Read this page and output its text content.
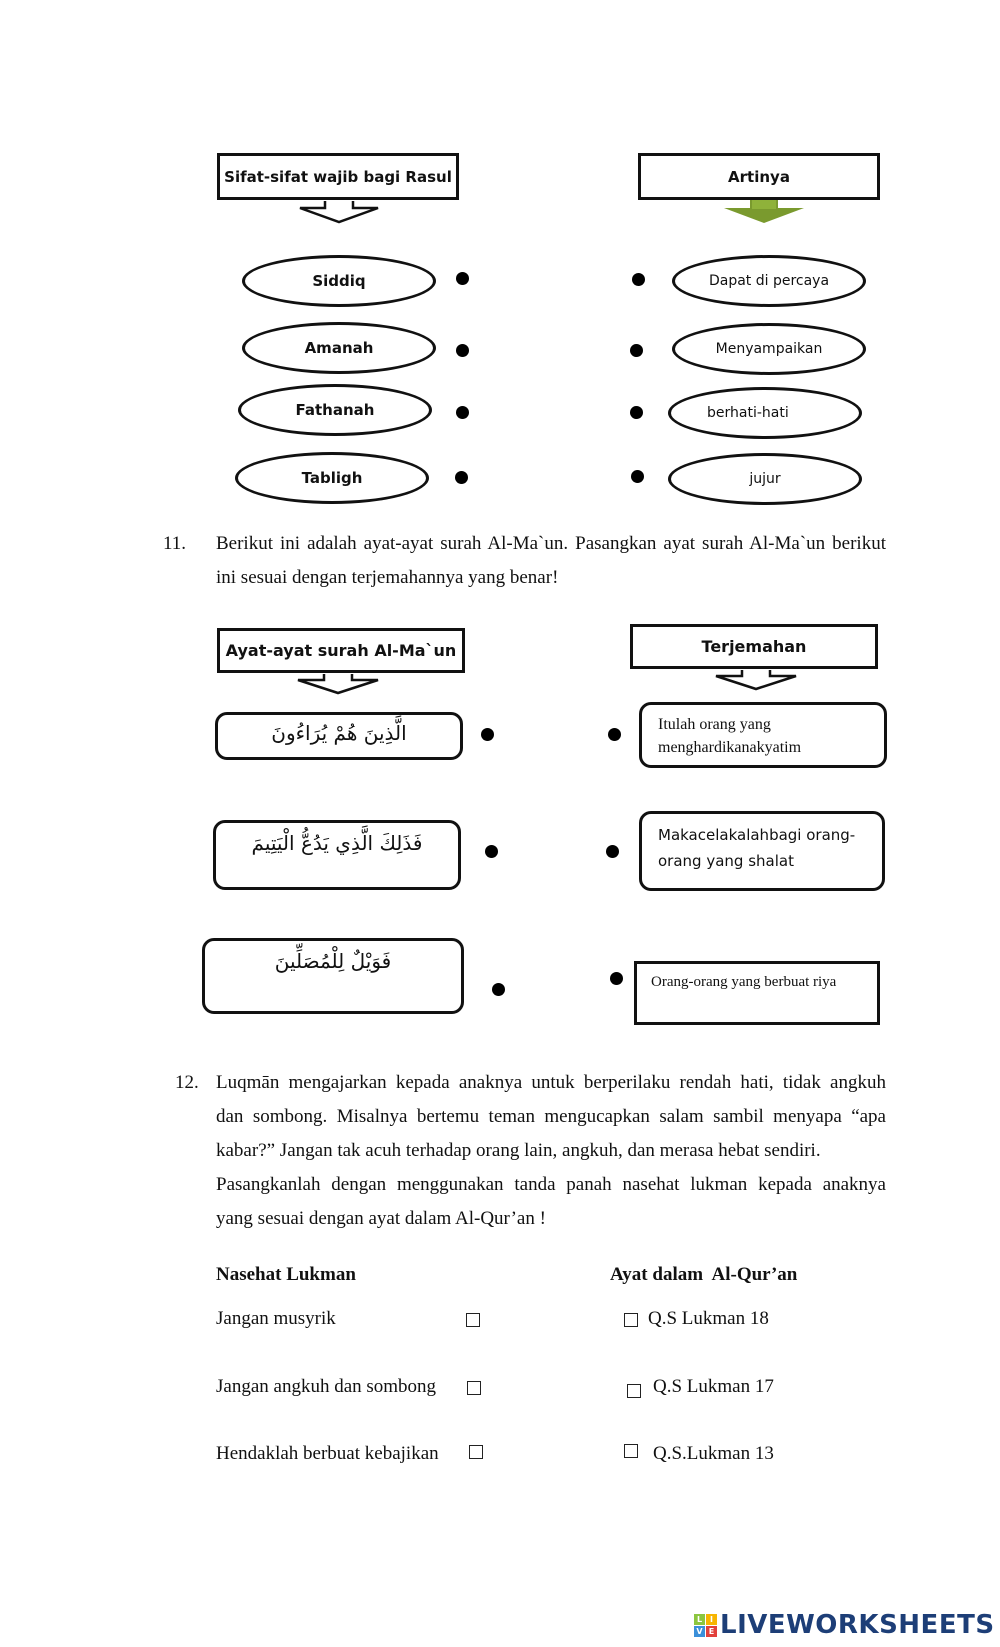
Sifat-sifat wajib bagi Rasul	Artinya
Siddiq
Amanah
Fathanah
Tabligh
Dapat di percaya
Menyampaikan
berhati-hati
jujur
11. Berikut ini adalah ayat-ayat surah Al-Ma`un. Pasangkan ayat surah Al-Ma`un berikut ini sesuai dengan terjemahannya yang benar!
Ayat-ayat surah Al-Ma`un	Terjemahan
الَّذِينَ هُمْ يُرَاءُونَ
فَذَلِكَ الَّذِي يَدُعُّ الْيَتِيمَ
فَوَيْلٌ لِلْمُصَلِّينَ
Itulah orang yang menghardikanakyatim
Makacelakalahbagi orang-orang yang shalat
Orang-orang yang berbuat riya
12. Luqmān mengajarkan kepada anaknya untuk berperilaku rendah hati, tidak angkuh
dan sombong. Misalnya bertemu teman mengucapkan salam sambil menyapa “apa
kabar?” Jangan tak acuh terhadap orang lain, angkuh, dan merasa hebat sendiri.
Pasangkanlah dengan menggunakan tanda panah nasehat lukman kepada anaknya
yang sesuai dengan ayat dalam Al-Qur’an !
Nasehat Lukman	Ayat dalam  Al-Qur’an
Jangan musyrik
Jangan angkuh dan sombong
Hendaklah berbuat kebajikan
Q.S Lukman 18
Q.S Lukman 17
Q.S.Lukman 13
L I
V E LIVEWORKSHEETS
